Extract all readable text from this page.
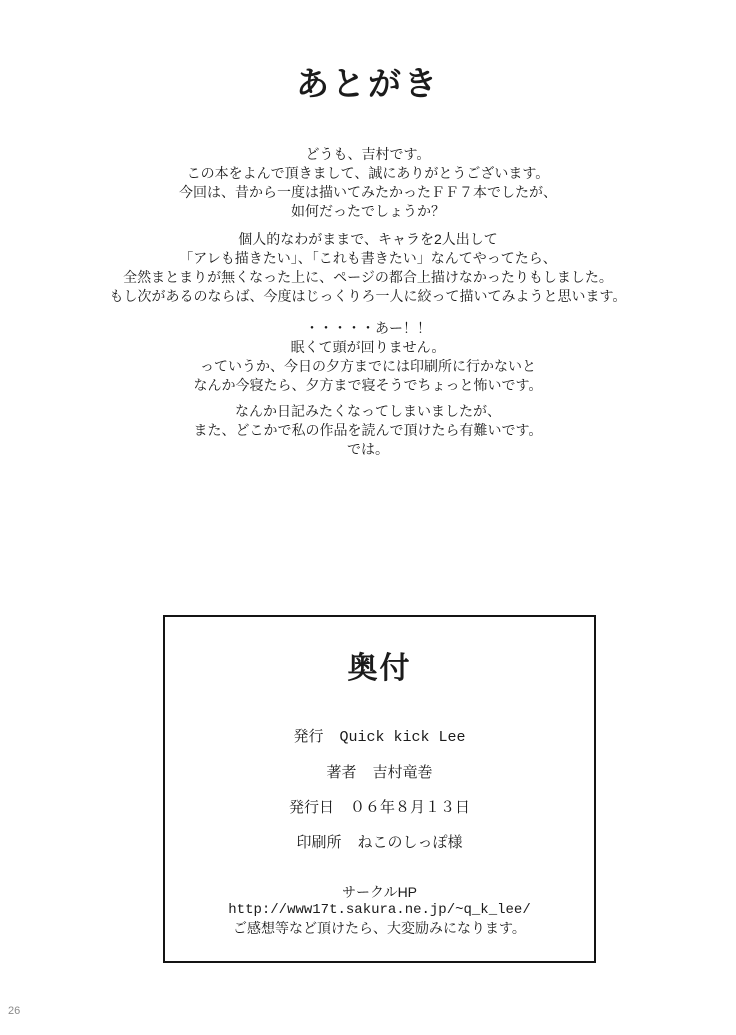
あとがき
どうも、吉村です。
この本をよんで頂きまして、誠にありがとうございます。
今回は、昔から一度は描いてみたかったＦＦ７本でしたが、
如何だったでしょうか？
個人的なわがままで、キャラを2人出して
「アレも描きたい」、「これも書きたい」なんてやってたら、
全然まとまりが無くなった上に、ページの都合上描けなかったりもしました。
もし次があるのならば、今度はじっくりろ一人に絞って描いてみようと思います。
・・・・・あー！！
眠くて頭が回りません。
っていうか、今日の夕方までには印刷所に行かないと
なんか今寝たら、夕方まで寝そうでちょっと怖いです。
なんか日記みたくなってしまいましたが、
また、どこかで私の作品を読んで頂けたら有難いです。
では。
奥付
発行 Quick kick Lee
著者 吉村竜巻
発行日 ０６年８月１３日
印刷所 ねこのしっぽ様
サークルHP
http://www17t.sakura.ne.jp/~q_k_lee/
ご感想等など頂けたら、大変励みになります。
26
